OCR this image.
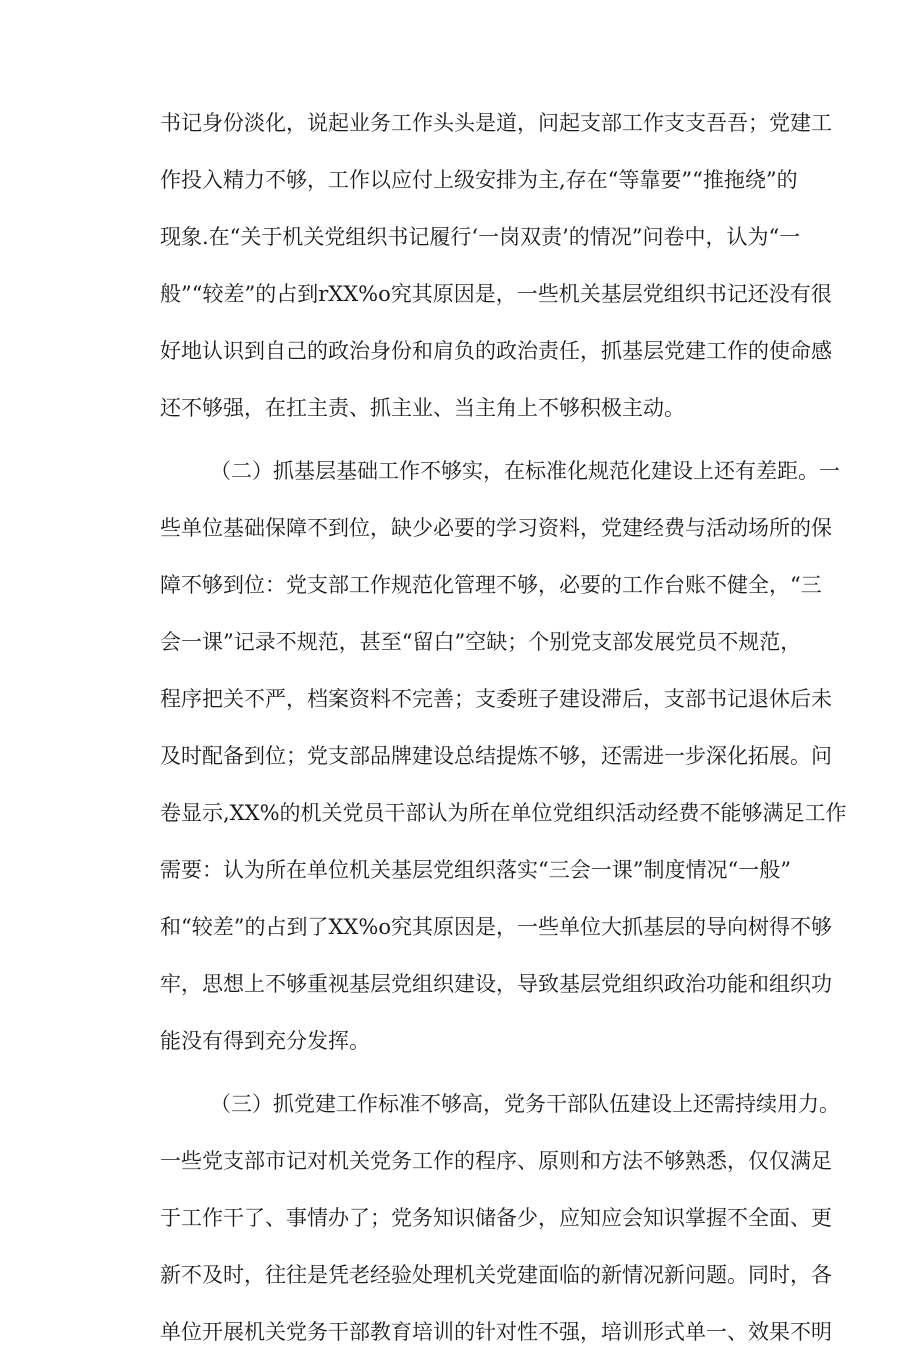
书记身份淡化，说起业务工作头头是道，问起支部工作支支吾吾；党建工
作投入精力不够，工作以应付上级安排为主,存在“等靠要”“推拖绕”的
现象.在“关于机关党组织书记履行‘一岗双责’的情况”问卷中，认为“一
般”“较差”的占到rXX%o究其原因是，一些机关基层党组织书记还没有很
好地认识到自己的政治身份和肩负的政治责任，抓基层党建工作的使命感
还不够强，在扛主责、抓主业、当主角上不够积极主动。
（二）抓基层基础工作不够实，在标准化规范化建设上还有差距。一
些单位基础保障不到位，缺少必要的学习资料，党建经费与活动场所的保
障不够到位：党支部工作规范化管理不够，必要的工作台账不健全，“三
会一课”记录不规范，甚至“留白”空缺；个别党支部发展党员不规范，
程序把关不严，档案资料不完善；支委班子建设滞后，支部书记退休后未
及时配备到位；党支部品牌建设总结提炼不够，还需进一步深化拓展。问
卷显示,XX%的机关党员干部认为所在单位党组织活动经费不能够满足工作
需要：认为所在单位机关基层党组织落实“三会一课”制度情况“一般”
和“较差”的占到了XX%o究其原因是，一些单位大抓基层的导向树得不够
牢，思想上不够重视基层党组织建设，导致基层党组织政治功能和组织功
能没有得到充分发挥。
（三）抓党建工作标准不够高，党务干部队伍建设上还需持续用力。
一些党支部市记对机关党务工作的程序、原则和方法不够熟悉，仅仅满足
于工作干了、事情办了；党务知识储备少，应知应会知识掌握不全面、更
新不及时，往往是凭老经验处理机关党建面临的新情况新问题。同时，各
单位开展机关党务干部教育培训的针对性不强，培训形式单一、效果不明
